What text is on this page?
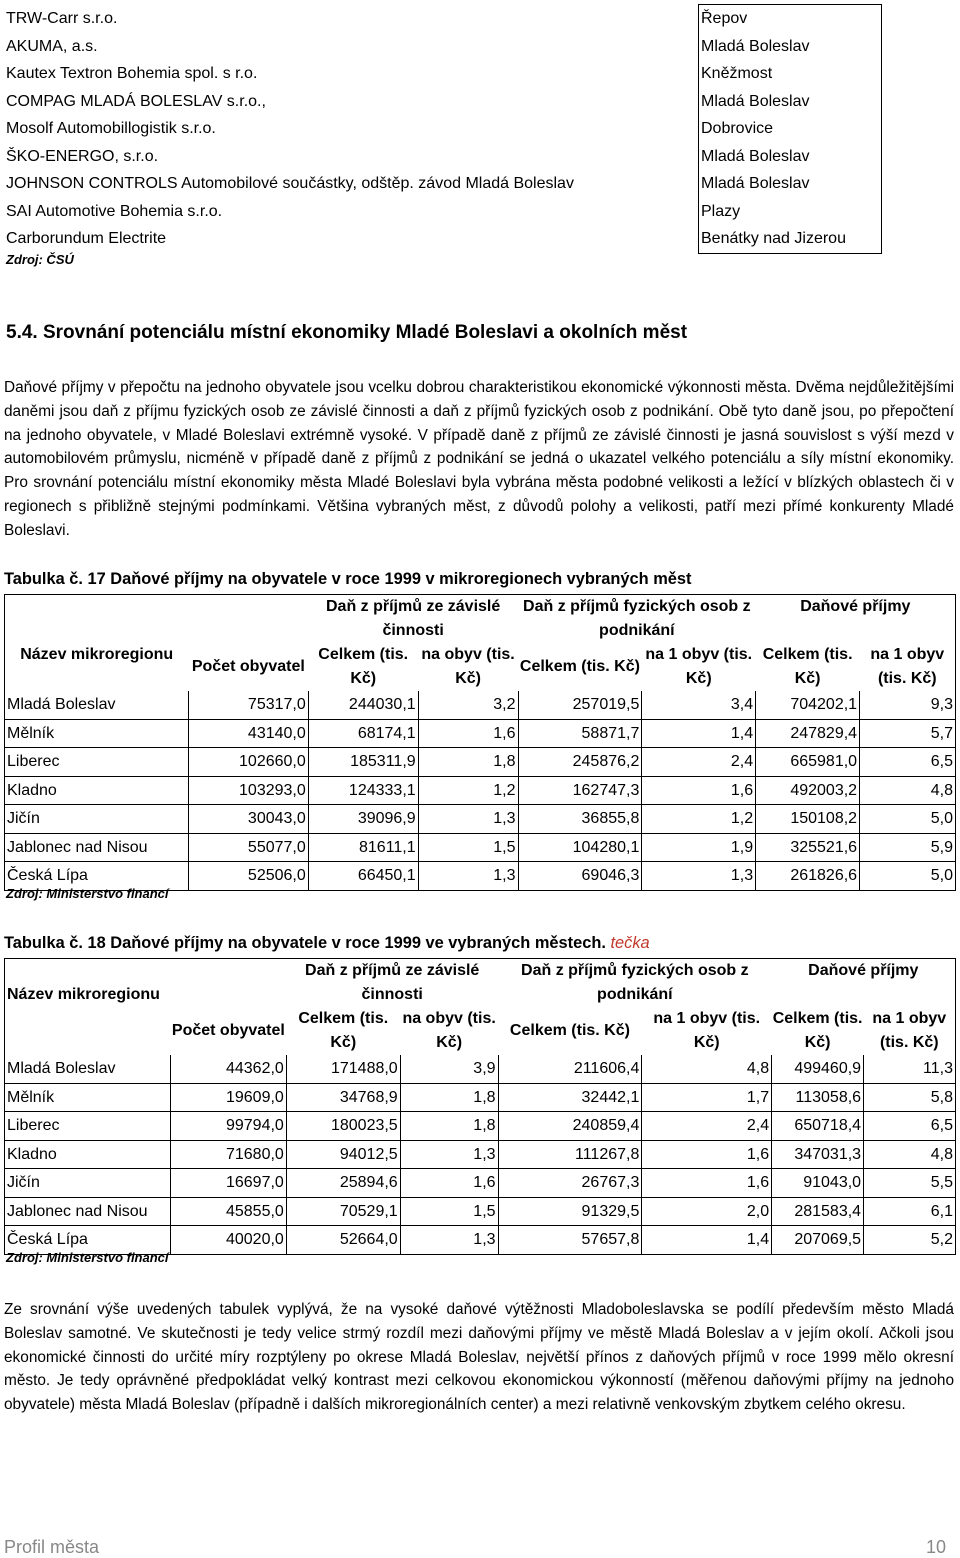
TRW-Carr s.r.o.	Řepov
AKUMA, a.s.	Mladá Boleslav
Kautex Textron Bohemia spol. s r.o.	Kněžmost
COMPAG MLADÁ BOLESLAV s.r.o.,	Mladá Boleslav
Mosolf Automobillogistik s.r.o.	Dobrovice
ŠKO-ENERGO, s.r.o.	Mladá Boleslav
JOHNSON CONTROLS Automobilové součástky, odštěp. závod Mladá Boleslav	Mladá Boleslav
SAI Automotive Bohemia s.r.o.	Plazy
Carborundum Electrite	Benátky nad Jizerou
Zdroj: ČSÚ
5.4. Srovnání potenciálu místní ekonomiky Mladé Boleslavi a okolních měst
Daňové příjmy v přepočtu na jednoho obyvatele jsou vcelku dobrou charakteristikou ekonomické výkonnosti města. Dvěma nejdůležitějšími daněmi jsou daň z příjmu fyzických osob ze závislé činnosti a daň z příjmů fyzických osob z podnikání. Obě tyto daně jsou, po přepočtení na jednoho obyvatele, v Mladé Boleslavi extrémně vysoké. V případě daně z příjmů ze závislé činnosti je jasná souvislost s výší mezd v automobilovém průmyslu, nicméně v případě daně z příjmů z podnikání se jedná o ukazatel velkého potenciálu a síly místní ekonomiky. Pro srovnání potenciálu místní ekonomiky města Mladé Boleslavi byla vybrána města podobné velikosti a ležící v blízkých oblastech či v regionech s přibližně stejnými podmínkami. Většina vybraných měst, z důvodů polohy a velikosti, patří mezi přímé konkurenty Mladé Boleslavi.
Tabulka č. 17 Daňové příjmy na obyvatele v roce 1999 v mikroregionech vybraných měst
Název mikroregionu	Počet obyvatel	Daň z příjmů ze závislé činnosti		Daň z příjmů fyzických osob z podnikání		Daňové příjmy	
		Celkem (tis. Kč)	na obyv (tis. Kč)	Celkem (tis. Kč)	na 1 obyv (tis. Kč)	Celkem (tis. Kč)	na 1 obyv (tis. Kč)
Mladá Boleslav	75317,0	244030,1	3,2	257019,5	3,4	704202,1	9,3
Mělník	43140,0	68174,1	1,6	58871,7	1,4	247829,4	5,7
Liberec	102660,0	185311,9	1,8	245876,2	2,4	665981,0	6,5
Kladno	103293,0	124333,1	1,2	162747,3	1,6	492003,2	4,8
Jičín	30043,0	39096,9	1,3	36855,8	1,2	150108,2	5,0
Jablonec nad Nisou	55077,0	81611,1	1,5	104280,1	1,9	325521,6	5,9
Česká Lípa	52506,0	66450,1	1,3	69046,3	1,3	261826,6	5,0
Zdroj: Ministerstvo financí
Tabulka č. 18 Daňové příjmy na obyvatele v roce 1999 ve vybraných městech. tečka
Název mikroregionu	Počet obyvatel	Daň z příjmů ze závislé činnosti		Daň z příjmů fyzických osob z podnikání		Daňové příjmy	
		Celkem (tis. Kč)	na obyv (tis. Kč)	Celkem (tis. Kč)	na 1 obyv (tis. Kč)	Celkem (tis. Kč)	na 1 obyv (tis. Kč)
Mladá Boleslav	44362,0	171488,0	3,9	211606,4	4,8	499460,9	11,3
Mělník	19609,0	34768,9	1,8	32442,1	1,7	113058,6	5,8
Liberec	99794,0	180023,5	1,8	240859,4	2,4	650718,4	6,5
Kladno	71680,0	94012,5	1,3	111267,8	1,6	347031,3	4,8
Jičín	16697,0	25894,6	1,6	26767,3	1,6	91043,0	5,5
Jablonec nad Nisou	45855,0	70529,1	1,5	91329,5	2,0	281583,4	6,1
Česká Lípa	40020,0	52664,0	1,3	57657,8	1,4	207069,5	5,2
Zdroj: Ministerstvo financí
Ze srovnání výše uvedených tabulek vyplývá, že na vysoké daňové výtěžnosti Mladoboleslavska se podílí především město Mladá Boleslav samotné. Ve skutečnosti je tedy velice strmý rozdíl mezi daňovými příjmy ve městě Mladá Boleslav a v jejím okolí. Ačkoli jsou ekonomické činnosti do určité míry rozptýleny po okrese Mladá Boleslav, největší přínos z daňových příjmů v roce 1999 mělo okresní město. Je tedy oprávněné předpokládat velký kontrast mezi celkovou ekonomickou výkonností (měřenou daňovými příjmy na jednoho obyvatele) města Mladá Boleslav (případně i dalších mikroregionálních center) a mezi relativně venkovským zbytkem celého okresu.
Profil města	10
